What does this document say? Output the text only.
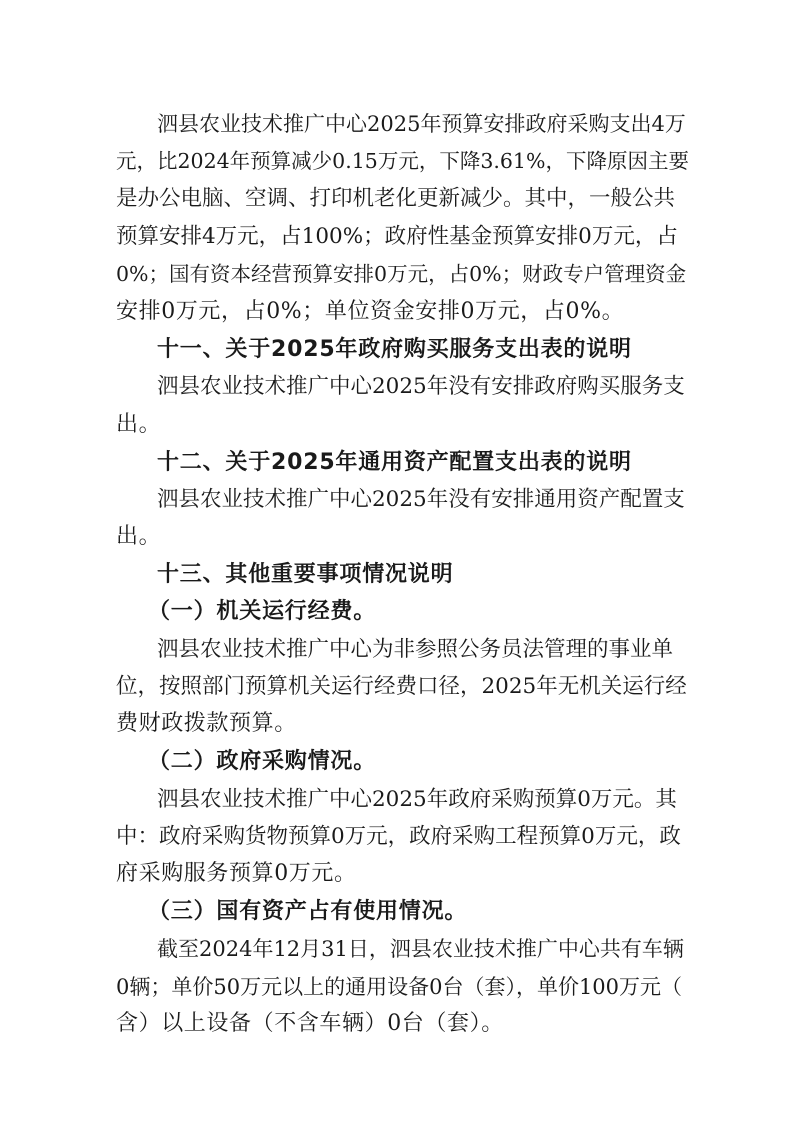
泗县农业技术推广中心2025年预算安排政府采购支出4万

元，比2024年预算减少0.15万元，下降3.61%，下降原因主要

是办公电脑、空调、打印机老化更新减少。其中，一般公共

预算安排4万元，占100%；政府性基金预算安排0万元，占

0%；国有资本经营预算安排0万元，占0%；财政专户管理资金

安排0万元，占0%；单位资金安排0万元，占0%。

十一、关于2025年政府购买服务支出表的说明

泗县农业技术推广中心2025年没有安排政府购买服务支

出。

十二、关于2025年通用资产配置支出表的说明

泗县农业技术推广中心2025年没有安排通用资产配置支

出。

十三、其他重要事项情况说明

（一）机关运行经费。

泗县农业技术推广中心为非参照公务员法管理的事业单

位，按照部门预算机关运行经费口径，2025年无机关运行经

费财政拨款预算。

（二）政府采购情况。

泗县农业技术推广中心2025年政府采购预算0万元。其

中：政府采购货物预算0万元，政府采购工程预算0万元，政

府采购服务预算0万元。

（三）国有资产占有使用情况。

截至2024年12月31日，泗县农业技术推广中心共有车辆

0辆；单价50万元以上的通用设备0台（套），单价100万元（

含）以上设备（不含车辆）0台（套）。
